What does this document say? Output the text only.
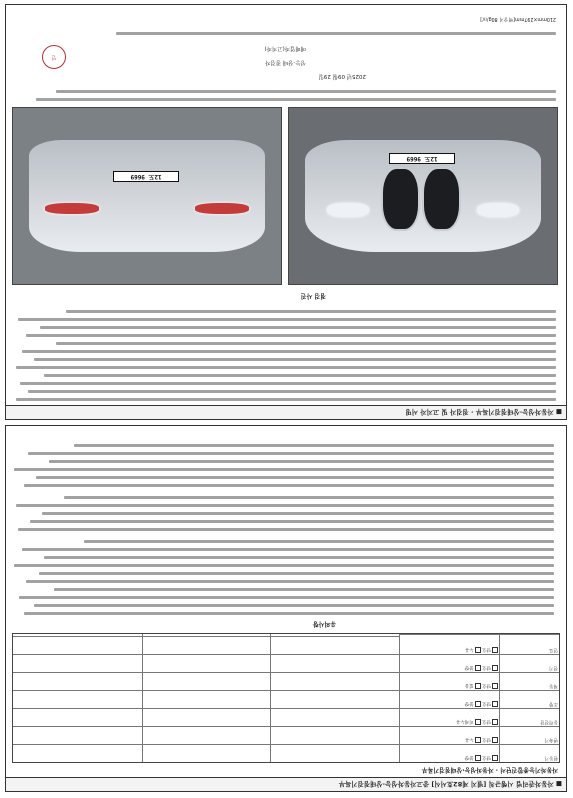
■ 자동차관리법 시행규칙 [별지 제82호서식] 중고자동차성능·상태점검기록부
자동차기능종합진단서 · 자동차성능·상태점검기록부
원동기
변속기
동력전달
조향
제동
전기
연료
양호 불량
양호 누유
양호 미세누유
양호 불량
양호 없음
양호 불량
양호 누유
유의사항
■ 자동차성능·상태점검기록부 · 점검자 및 고지자 서명
점검 사진
12도 9669
12도 9669
2025년 09월 29일
성능·상태 점검자
매매업자(고지자)
인
210mm×297mm[백상지 80g/㎡]
